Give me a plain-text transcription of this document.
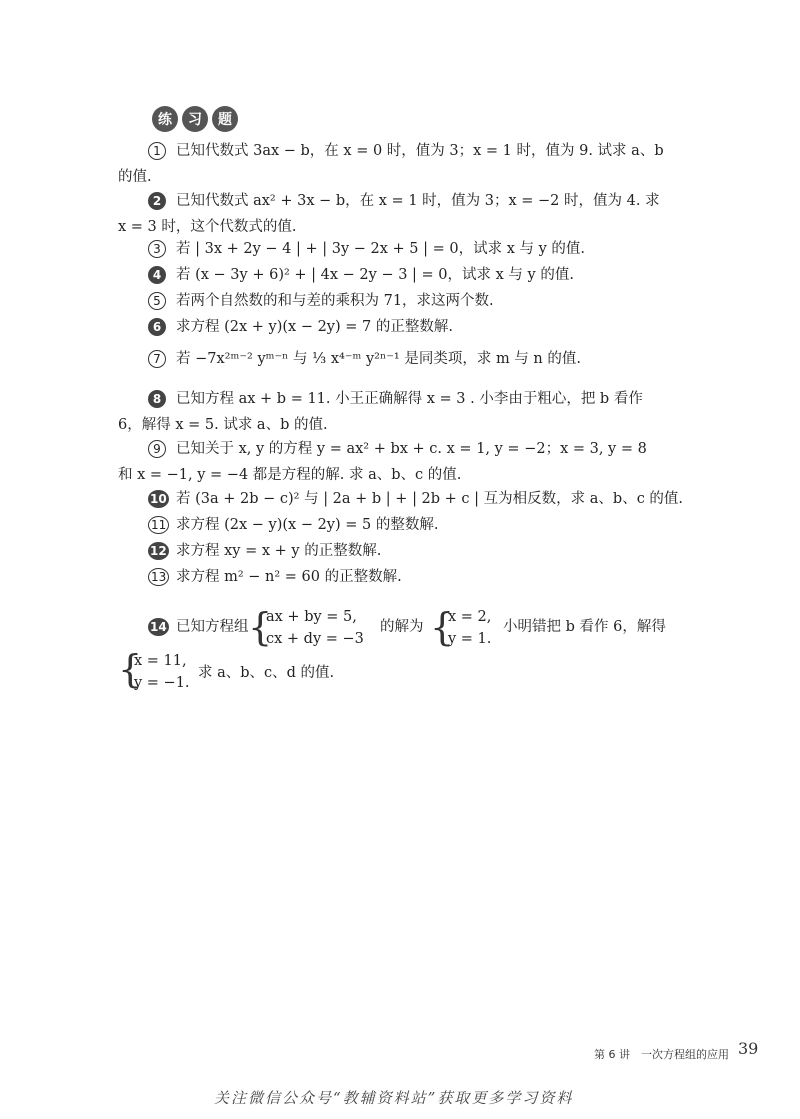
练	习	题
1	已知代数式 3ax − b，在 x = 0 时，值为 3；x = 1 时，值为 9. 试求 a、b
的值.
2	已知代数式 ax² + 3x − b，在 x = 1 时，值为 3；x = −2 时，值为 4. 求
x = 3 时，这个代数式的值.
3	若 | 3x + 2y − 4 | + | 3y − 2x + 5 | = 0，试求 x 与 y 的值.
4	若 (x − 3y + 6)² + | 4x − 2y − 3 | = 0，试求 x 与 y 的值.
5	若两个自然数的和与差的乘积为 71，求这两个数.
6	求方程 (2x + y)(x − 2y) = 7 的正整数解.
7	若 −7x²ᵐ⁻² yᵐ⁻ⁿ 与 ⅓ x⁴⁻ᵐ y²ⁿ⁻¹ 是同类项，求 m 与 n 的值.
8	已知方程 ax + b = 11. 小王正确解得 x = 3 . 小李由于粗心，把 b 看作
6，解得 x = 5. 试求 a、b 的值.
9	已知关于 x, y 的方程 y = ax² + bx + c. x = 1, y = −2；x = 3, y = 8
和 x = −1, y = −4 都是方程的解. 求 a、b、c 的值.
10 若 (3a + 2b − c)² 与 | 2a + b | + | 2b + c | 互为相反数，求 a、b、c 的值.
11 求方程 (2x − y)(x − 2y) = 5 的整数解.
12 求方程 xy = x + y 的正整数解.
13 求方程 m² − n² = 60 的正整数解.
14 已知方程组 {
ax + by = 5,
cx + dy = −3
的解为 {
x = 2,
y = 1.
小明错把 b 看作 6，解得
{
x = 11,
y = −1.
求 a、b、c、d 的值.
第 6 讲　一次方程组的应用 39
关注微信公众号“教辅资料站”获取更多学习资料
